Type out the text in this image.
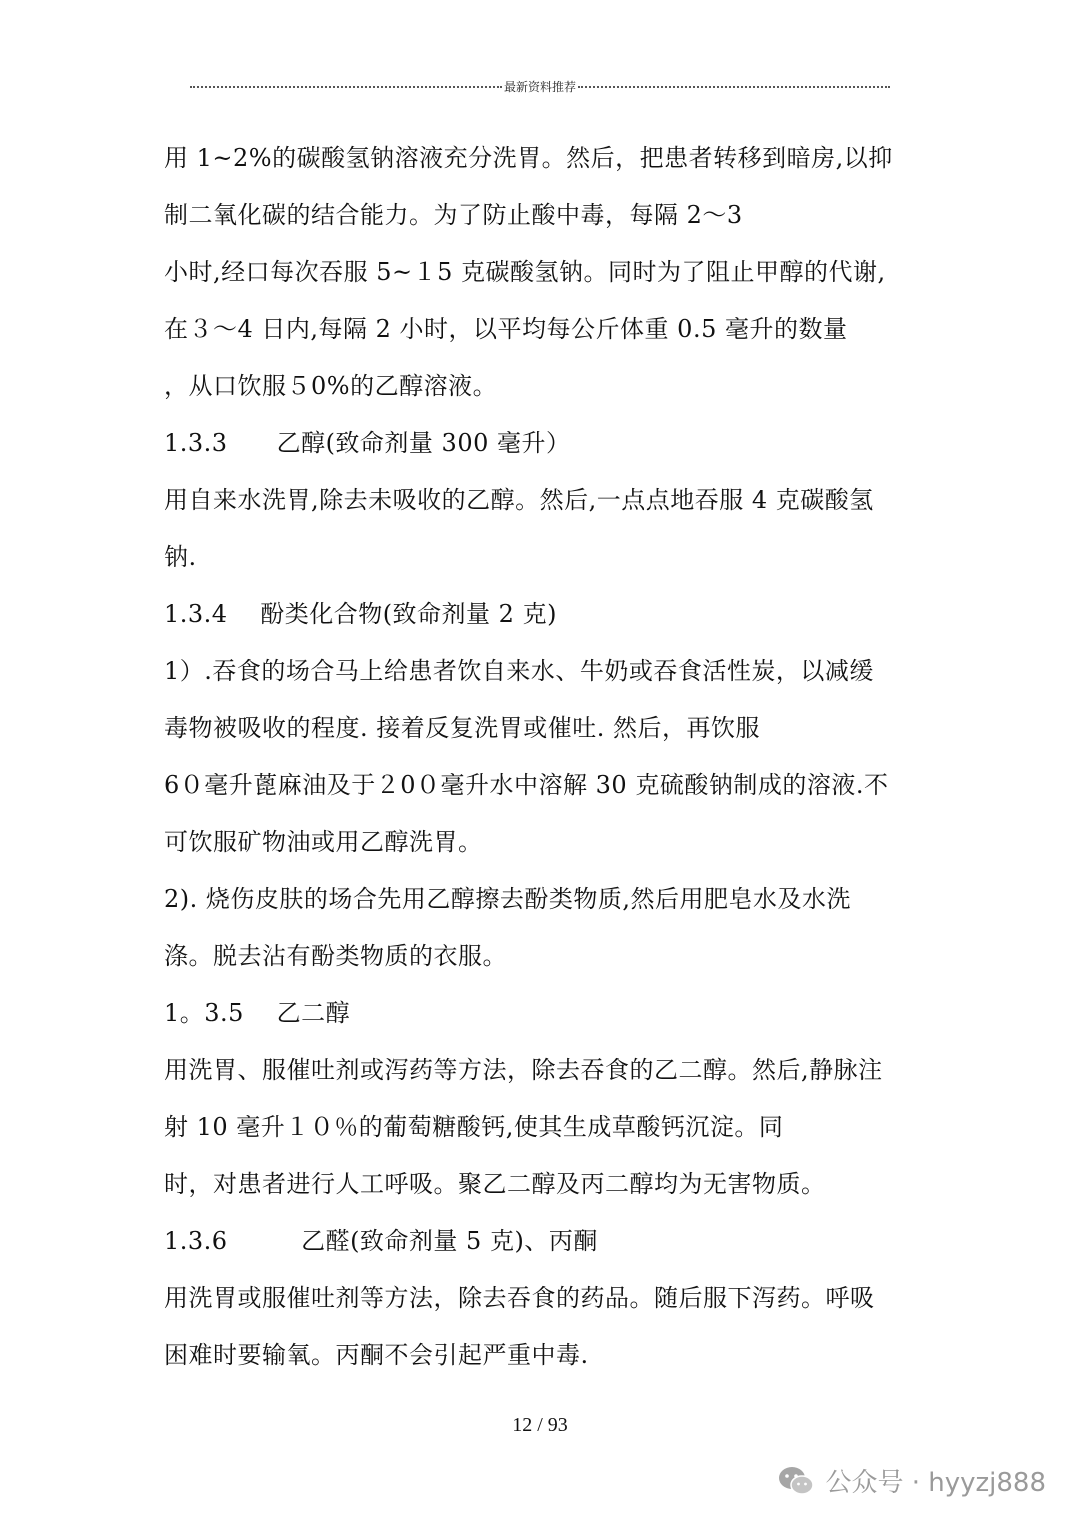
最新资料推荐
用 1~2%的碳酸氢钠溶液充分洗胃。然后，把患者转移到暗房,以抑
制二氧化碳的结合能力。为了防止酸中毒，每隔 2～3
小时,经口每次吞服 5~１5 克碳酸氢钠。同时为了阻止甲醇的代谢,
在３～4 日内,每隔 2 小时，以平均每公斤体重 0.5 毫升的数量
，从口饮服５0%的乙醇溶液。
1.3.3　　乙醇(致命剂量 300 毫升）
用自来水洗胃,除去未吸收的乙醇。然后,一点点地吞服 4 克碳酸氢
钠.
1.3.4　 酚类化合物(致命剂量 2 克)
1）.吞食的场合马上给患者饮自来水、牛奶或吞食活性炭，以减缓
毒物被吸收的程度. 接着反复洗胃或催吐. 然后，再饮服
6０毫升蓖麻油及于２0０毫升水中溶解 30 克硫酸钠制成的溶液.不
可饮服矿物油或用乙醇洗胃。
2). 烧伤皮肤的场合先用乙醇擦去酚类物质,然后用肥皂水及水洗
涤。脱去沾有酚类物质的衣服。
1。3.5　 乙二醇
用洗胃、服催吐剂或泻药等方法，除去吞食的乙二醇。然后,静脉注
射 10 毫升１０％的葡萄糖酸钙,使其生成草酸钙沉淀。同
时，对患者进行人工呼吸。聚乙二醇及丙二醇均为无害物质。
1.3.6　　　乙醛(致命剂量 5 克)、丙酮
用洗胃或服催吐剂等方法，除去吞食的药品。随后服下泻药。呼吸
困难时要输氧。丙酮不会引起严重中毒.
12 / 93
公众号 · hyyzj888
